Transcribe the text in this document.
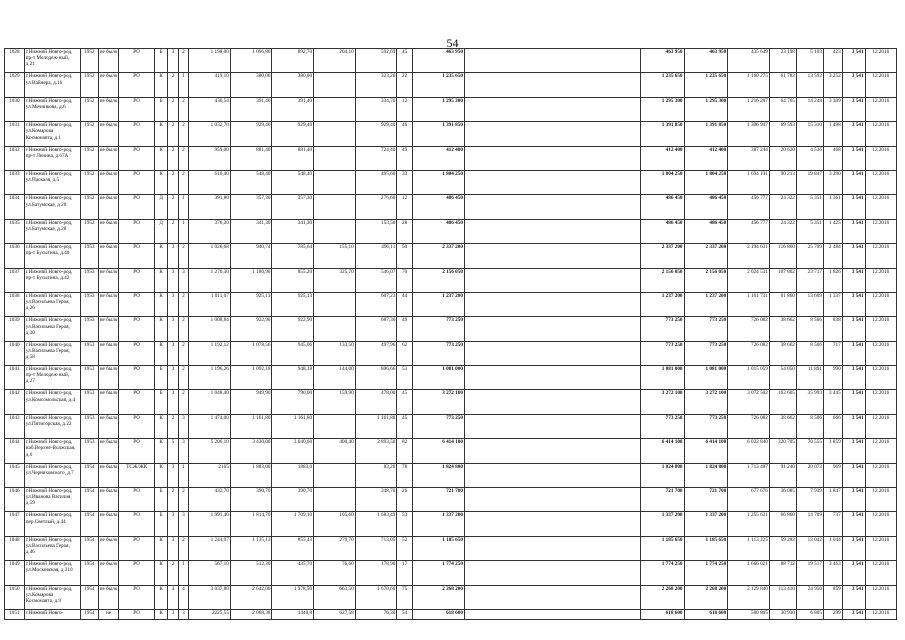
54
1028	г.Нижний Новго-род, пр-т Молодеж-ный, д.21	1952	не было	РО	Б	3	2	1 198,00	1 096,80	892,70	204,10	592,69	45	463 950		463 950	463 950	435 649	23 198	5 103	423	3 541	12.2016
1029	г.Нижний Новго-род, ул.Вайнера, д.16	1952	не было	РО	К	2	1	419,10	380,00	380,00		323,20	22	1 235 650		1 235 650	1 235 650	1 160 275	61 783	13 592	3 252	3 541	12.2016
1030	г.Нижний Новго-род, ул.Мечникова, д.6	1952	не было	РО	Б	2	2	430,54	391,40	391,40		334,70	12	1 295 300		1 295 300	1 295 300	1 216 287	64 765	14 248	3 309	3 541	12.2016
1031	г.Нижний Новго-род, ул.Комарова Космонавта, д.1	1952	не было	РО	К	2	2	1 032,70	929,40	929,40		929,40	46	1 391 850		1 391 850	1 391 850	1 306 947	69 593	15 310	1 498	3 541	12.2016
1032	г.Нижний Новго-род, пр-т Ленина, д.67А	1952	не было	РО	К	2	2	959,00	881,40	881,40		724,40	49	412 400		412 400	412 400	387 244	20 620	4 536	468	3 541	12.2016
1033	г.Нижний Новго-род, ул.Паскаля, д.5	1952	не было	РО	К	2	2	616,40	548,40	548,40		495,60	33	1 804 250		1 804 250	1 804 250	1 694 191	90 213	19 847	3 290	3 541	12.2016
1034	г.Нижний Новго-род, ул.Батумская, д.20	1952	не было	РО	Д	2	1	391,80	357,30	357,30		276,60	12	486 450		486 450	486 450	456 777	24 322	5 351	1 361	3 541	12.2016
1035	г.Нижний Новго-род, ул.Батумская, д.28	1952	не было	РО	Д	2	1	376,20	341,30	341,30		153,50	28	486 450		486 450	486 450	456 777	24 322	5 351	1 425	3 541	12.2016
1036	г.Нижний Новго-род, пр-т Бусыгина, д.40	1953	не было	РО	К	3	2	1 026,68	940,74	785,64	155,10	496,11	50	2 337 200		2 337 200	2 337 200	2 194 631	116 860	25 709	2 484	3 541	12.2016
1037	г.Нижний Новго-род, пр-т Бусыгина, д.42	1953	не было	РО	К	3	3	1 270,30	1 180,90	855,20	325,70	546,07	70	2 156 050		2 156 050	2 156 050	2 024 531	107 802	23 717	1 826	3 541	12.2016
1038	г.Нижний Новго-род, ул.Васильева Героя, д.26	1953	не было	РО	К	3	2	1 011,07	925,13	925,13		607,23	44	1 237 200		1 237 200	1 237 200	1 161 731	61 860	13 609	1 337	3 541	12.2016
1039	г.Нижний Новго-род, ул.Васильева Героя, д.30	1953	не было	РО	К	3	2	1 008,84	922,90	922,90		687,30	49	773 250		773 250	773 250	726 082	38 662	8 506	838	3 541	12.2016
1040	г.Нижний Новго-род, ул.Васильева Героя, д.58	1953	не было	РО	К	3	2	1 192,12	1 078,56	945,06	133,50	497,96	62	773 250		773 250	773 250	726 082	38 662	8 506	717	3 541	12.2016
1041	г.Нижний Новго-род, пр-т Молодеж-ный, д.27	1953	не было	РО	Б	3	2	1 196,26	1 092,18	948,18	144,00	806,66	53	1 081 000		1 081 000	1 081 000	1 015 059	54 050	11 891	990	3 541	12.2016
1042	г.Нижний Новго-род, ул.Комсомольская, д.4	1953	не было	РО	Б	3	2	1 048,40	949,90	790,00	159,90	478,00	45	3 272 100		3 272 100	3 272 100	3 072 502	163 605	35 993	3 445	3 541	12.2016
1043	г.Нижний Новго-род, ул.Пятигорская, д.22	1953	не было	РО	К	2	3	1 474,00	1 161,80	1 161,80		1 161,80	45	773 250		773 250	773 250	726 082	38 662	8 506	666	3 541	12.2016
1044	г.Нижний Новго-род, наб.Верхне-Волжская, д.6	1953	не было	РО	К	5	3	5 206,10	3 430,00	3 040,60	400,40	2 893,50	82	6 414 100		6 414 100	6 414 100	6 022 840	320 705	70 555	1 859	3 541	12.2016
1045	г.Нижний Новго-род, ул.Черняховского, д.7	1954	не было	ТСЖ/ЖК	К	3	1	2165	1 883,00	1883,0		83,20	78	1 824 800		1 824 800	1 824 800	1 713 487	91 240	20 073	969	3 541	12.2016
1046	г.Нижний Новго-род, ул.Иванова Василия, д.59	1954	не было	РО	Б	2	2	432,70	390,70	390,70		348,70	26	721 700		721 700	721 700	677 676	36 085	7 939	1 847	3 541	12.2016
1047	г.Нижний Новго-род, пер.Светлый, д.44	1954	не было	РО	Б	3	3	1 991,40	1 814,70	1 709,10	105,60	1 683,49	53	1 337 200		1 337 200	1 337 200	1 255 631	66 860	14 709	737	3 541	12.2016
1048	г.Нижний Новго-род, ул.Васильева Героя, д.46	1954	не было	РО	К	3	2	1 244,97	1 135,13	855,43	279,70	713,05	52	1 185 650		1 185 650	1 185 650	1 113 325	59 283	13 042	1 044	3 541	12.2016
1049	г.Нижний Новго-род, ул.Московская, д.310	1954	не было	РО	К	2	1	567,10	512,30	435,70	76,60	178,90	17	1 774 250		1 774 250	1 774 250	1 666 021	88 712	19 517	3 463	3 541	12.2016
1050	г.Нижний Новго-род, ул.Комарова Космонавта, д.9	1954	не было	РО	К	4	4	3 037,80	2 642,00	1 978,50	663,50	1 670,60	75	2 268 200		2 268 200	2 268 200	2 129 840	113 410	24 950	859	3 541	12.2016
1051	г.Нижний Новго-	1954	не	РО	К	3	3	2225,55	2 068,38	1440,8	627,58	76,30	54	618 600		618 600	618 600	580 865	30 930	6 805	299	3 541	12.2016
